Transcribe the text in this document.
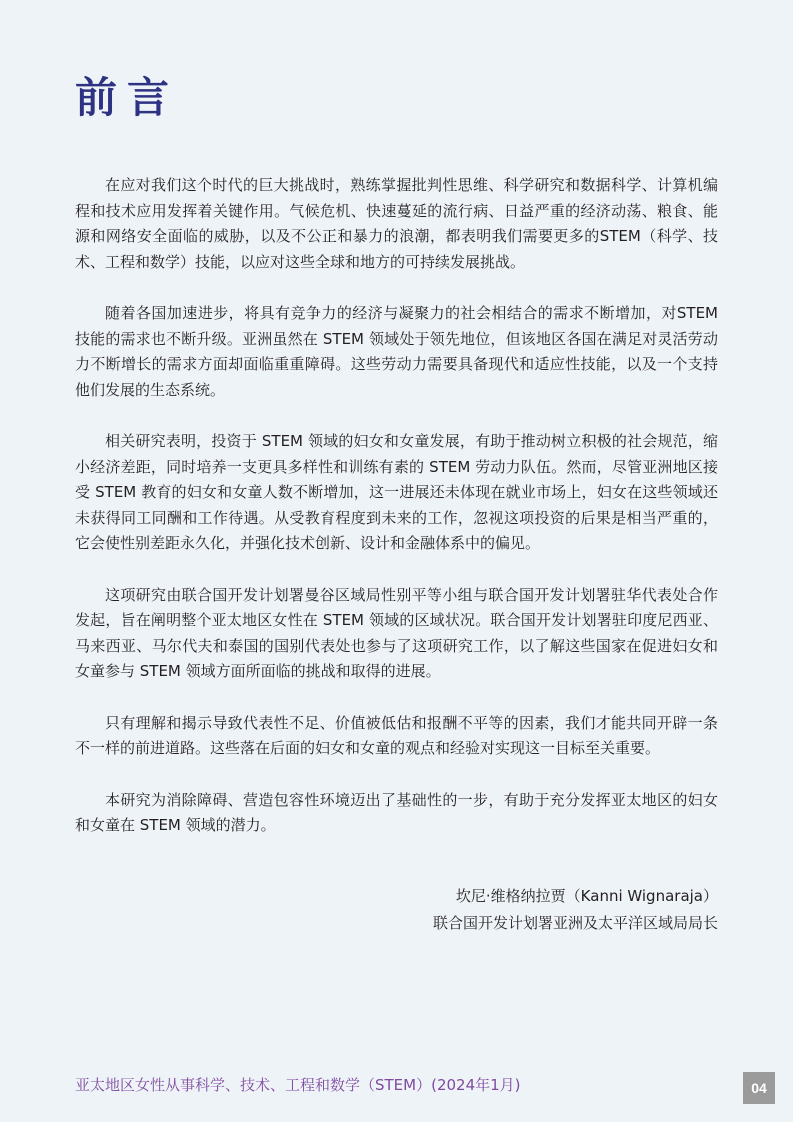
前言

在应对我们这个时代的巨大挑战时，熟练掌握批判性思维、科学研究和数据科学、计算机编程和技术应用发挥着关键作用。气候危机、快速蔓延的流行病、日益严重的经济动荡、粮食、能源和网络安全面临的威胁，以及不公正和暴力的浪潮，都表明我们需要更多的STEM（科学、技术、工程和数学）技能，以应对这些全球和地方的可持续发展挑战。

随着各国加速进步，将具有竞争力的经济与凝聚力的社会相结合的需求不断增加，对STEM 技能的需求也不断升级。亚洲虽然在 STEM 领域处于领先地位，但该地区各国在满足对灵活劳动力不断增长的需求方面却面临重重障碍。这些劳动力需要具备现代和适应性技能，以及一个支持他们发展的生态系统。

相关研究表明，投资于 STEM 领域的妇女和女童发展，有助于推动树立积极的社会规范，缩小经济差距，同时培养一支更具多样性和训练有素的 STEM 劳动力队伍。然而，尽管亚洲地区接受 STEM 教育的妇女和女童人数不断增加，这一进展还未体现在就业市场上，妇女在这些领域还未获得同工同酬和工作待遇。从受教育程度到未来的工作，忽视这项投资的后果是相当严重的，它会使性别差距永久化，并强化技术创新、设计和金融体系中的偏见。

这项研究由联合国开发计划署曼谷区域局性别平等小组与联合国开发计划署驻华代表处合作发起，旨在阐明整个亚太地区女性在 STEM 领域的区域状况。联合国开发计划署驻印度尼西亚、马来西亚、马尔代夫和泰国的国别代表处也参与了这项研究工作，以了解这些国家在促进妇女和女童参与 STEM 领域方面所面临的挑战和取得的进展。

只有理解和揭示导致代表性不足、价值被低估和报酬不平等的因素，我们才能共同开辟一条不一样的前进道路。这些落在后面的妇女和女童的观点和经验对实现这一目标至关重要。

本研究为消除障碍、营造包容性环境迈出了基础性的一步，有助于充分发挥亚太地区的妇女和女童在 STEM 领域的潜力。

坎尼·维格纳拉贾（Kanni Wignaraja）
联合国开发计划署亚洲及太平洋区域局局长
亚太地区女性从事科学、技术、工程和数学（STEM）(2024年1月)	04
